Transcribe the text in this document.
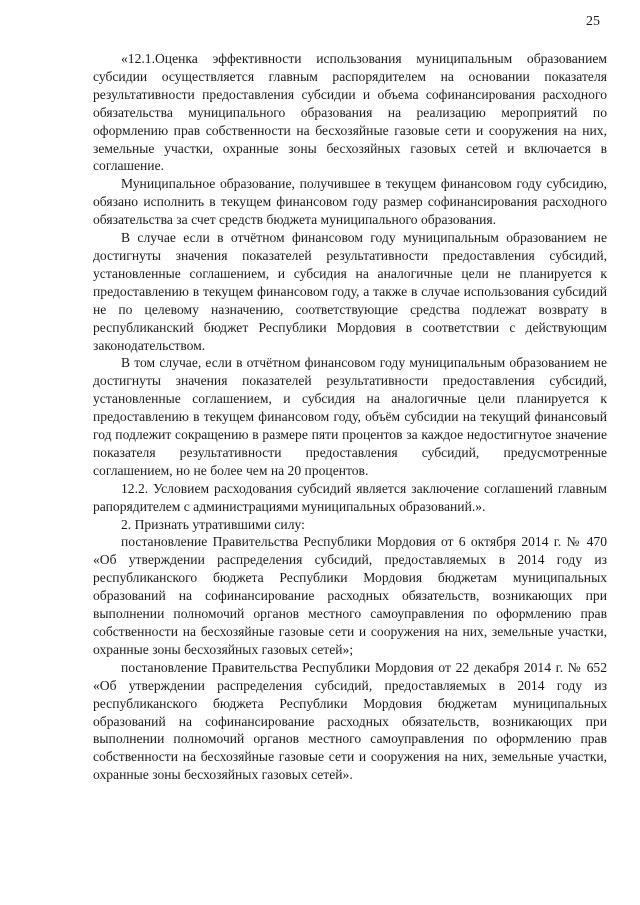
25

«12.1.Оценка эффективности использования муниципальным образованием субсидии осуществляется главным распорядителем на основании показателя результативности предоставления субсидии и объема софинансирования расходного обязательства муниципального образования на реализацию мероприятий по оформлению прав собственности на бесхозяйные газовые сети и сооружения на них, земельные участки, охранные зоны бесхозяйных газовых сетей и включается в соглашение.

Муниципальное образование, получившее в текущем финансовом году субсидию, обязано исполнить в текущем финансовом году размер софинансирования расходного обязательства за счет средств бюджета муниципального образования.

В случае если в отчётном финансовом году муниципальным образованием не достигнуты значения показателей результативности предоставления субсидий, установленные соглашением, и субсидия на аналогичные цели не планируется к предоставлению в текущем финансовом году, а также в случае использования субсидий не по целевому назначению, соответствующие средства подлежат возврату в республиканский бюджет Республики Мордовия в соответствии с действующим законодательством.

В том случае, если в отчётном финансовом году муниципальным образованием не достигнуты значения показателей результативности предоставления субсидий, установленные соглашением, и субсидия на аналогичные цели планируется к предоставлению в текущем финансовом году, объём субсидии на текущий финансовый год подлежит сокращению в размере пяти процентов за каждое недостигнутое значение показателя результативности предоставления субсидий, предусмотренные соглашением, но не более чем на 20 процентов.

12.2. Условием расходования субсидий является заключение соглашений главным рапорядителем с администрациями муниципальных образований.».

2. Признать утратившими силу:

постановление Правительства Республики Мордовия от 6 октября 2014 г. № 470 «Об утверждении распределения субсидий, предоставляемых в 2014 году из республиканского бюджета Республики Мордовия бюджетам муниципальных образований на софинансирование расходных обязательств, возникающих при выполнении полномочий органов местного самоуправления по оформлению прав собственности на бесхозяйные газовые сети и сооружения на них, земельные участки, охранные зоны бесхозяйных газовых сетей»;

постановление Правительства Республики Мордовия от 22 декабря 2014 г. № 652 «Об утверждении распределения субсидий, предоставляемых в 2014 году из республиканского бюджета Республики Мордовия бюджетам муниципальных образований на софинансирование расходных обязательств, возникающих при выполнении полномочий органов местного самоуправления по оформлению прав собственности на бесхозяйные газовые сети и сооружения на них, земельные участки, охранные зоны бесхозяйных газовых сетей».
